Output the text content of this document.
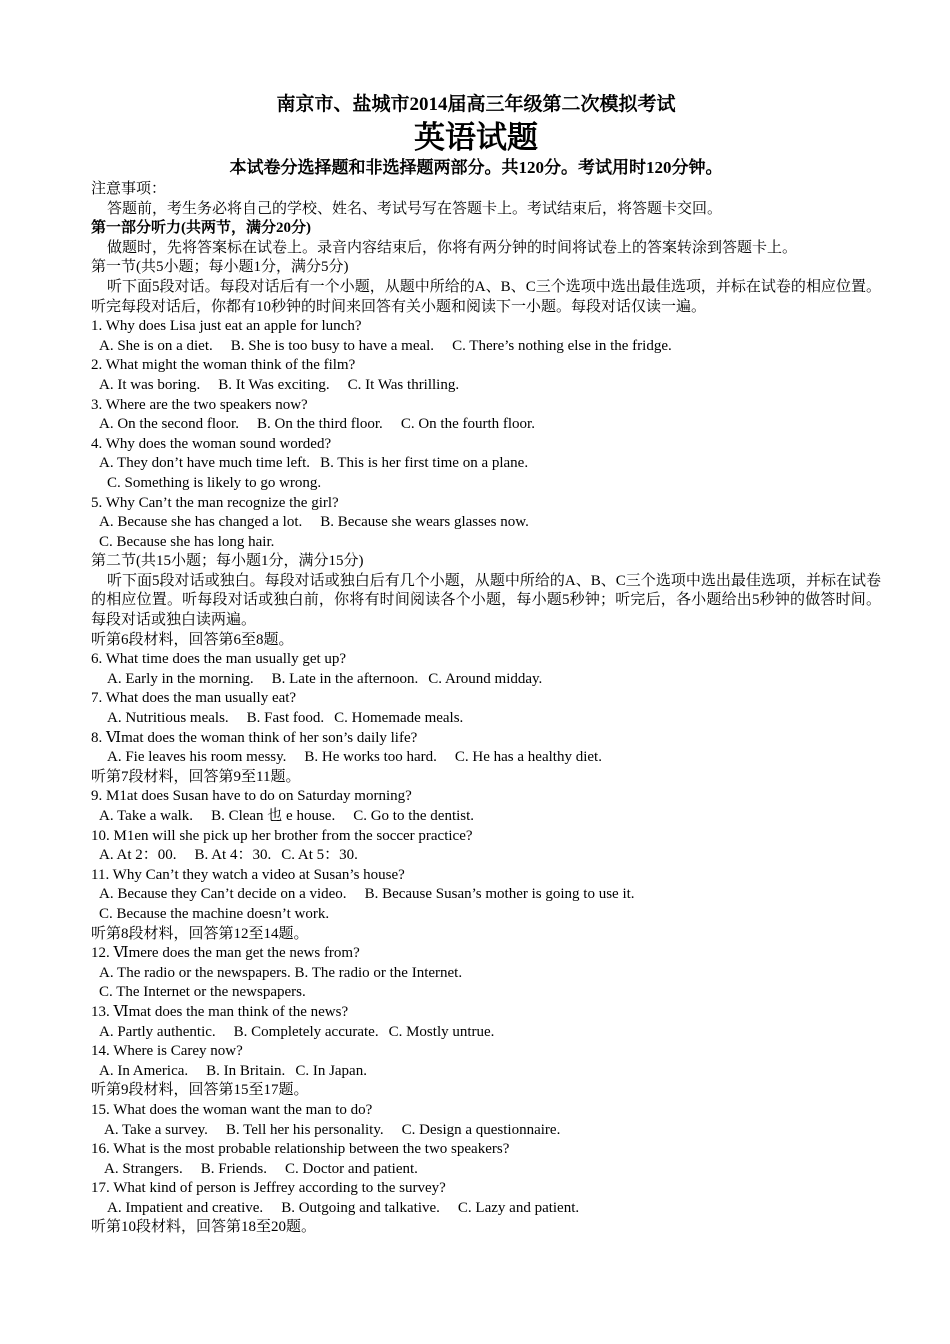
南京市、盐城市2014届高三年级第二次模拟考试
英语试题
本试卷分选择题和非选择题两部分。共120分。考试用时120分钟。
注意事项：
答题前，考生务必将自己的学校、姓名、考试号写在答题卡上。考试结束后，将答题卡交回。
第一部分听力(共两节，满分20分)
做题时，先将答案标在试卷上。录音内容结束后，你将有两分钟的时间将试卷上的答案转涂到答题卡上。
第一节(共5小题；每小题1分，满分5分)
听下面5段对话。每段对话后有一个小题，从题中所给的A、B、C三个选项中选出最佳选项，并标在试卷的相应位置。听完每段对话后，你都有10秒钟的时间来回答有关小题和阅读下一小题。每段对话仅读一遍。
1. Why does Lisa just eat an apple for lunch?
A. She is on a diet. B. She is too busy to have a meal. C. There’s nothing else in the fridge.
2. What might the woman think of the film?
A. It was boring. B. It Was exciting. C. It Was thrilling.
3. Where are the two speakers now?
A. On the second floor. B. On the third floor. C. On the fourth floor.
4. Why does the woman sound worded?
A. They don’t have much time left. B. This is her first time on a plane.
C. Something is likely to go wrong.
5. Why Can’t the man recognize the girl?
A. Because she has changed a lot. B. Because she wears glasses now.
C. Because she has long hair.
第二节(共15小题；每小题1分，满分15分)
听下面5段对话或独白。每段对话或独白后有几个小题，从题中所给的A、B、C三个选项中选出最佳选项，并标在试卷的相应位置。听每段对话或独白前，你将有时间阅读各个小题，每小题5秒钟；听完后，各小题给出5秒钟的做答时间。每段对话或独白读两遍。
听第6段材料，回答第6至8题。
6. What time does the man usually get up?
A. Early in the morning. B. Late in the afternoon. C. Around midday.
7. What does the man usually eat?
A. Nutritious meals. B. Fast food. C. Homemade meals.
8. Ⅵmat does the woman think of her son’s daily life?
A. Fie leaves his room messy. B. He works too hard. C. He has a healthy diet.
听第7段材料，回答第9至11题。
9. M1at does Susan have to do on Saturday morning?
A. Take a walk. B. Clean 也 e house. C. Go to the dentist.
10. M1en will she pick up her brother from the soccer practice?
A. At 2：00. B. At 4：30. C. At 5：30.
11. Why Can’t they watch a video at Susan’s house?
A. Because they Can’t decide on a video. B. Because Susan’s mother is going to use it.
C. Because the machine doesn’t work.
听第8段材料，回答第12至14题。
12. Ⅵmere does the man get the news from?
A. The radio or the newspapers. B. The radio or the Internet.
C. The Internet or the newspapers.
13. Ⅵmat does the man think of the news?
A. Partly authentic. B. Completely accurate. C. Mostly untrue.
14. Where is Carey now?
A. In America. B. In Britain. C. In Japan.
听第9段材料，回答第15至17题。
15. What does the woman want the man to do?
A. Take a survey. B. Tell her his personality. C. Design a questionnaire.
16. What is the most probable relationship between the two speakers?
A. Strangers. B. Friends. C. Doctor and patient.
17. What kind of person is Jeffrey according to the survey?
A. Impatient and creative. B. Outgoing and talkative. C. Lazy and patient.
听第10段材料，回答第18至20题。
